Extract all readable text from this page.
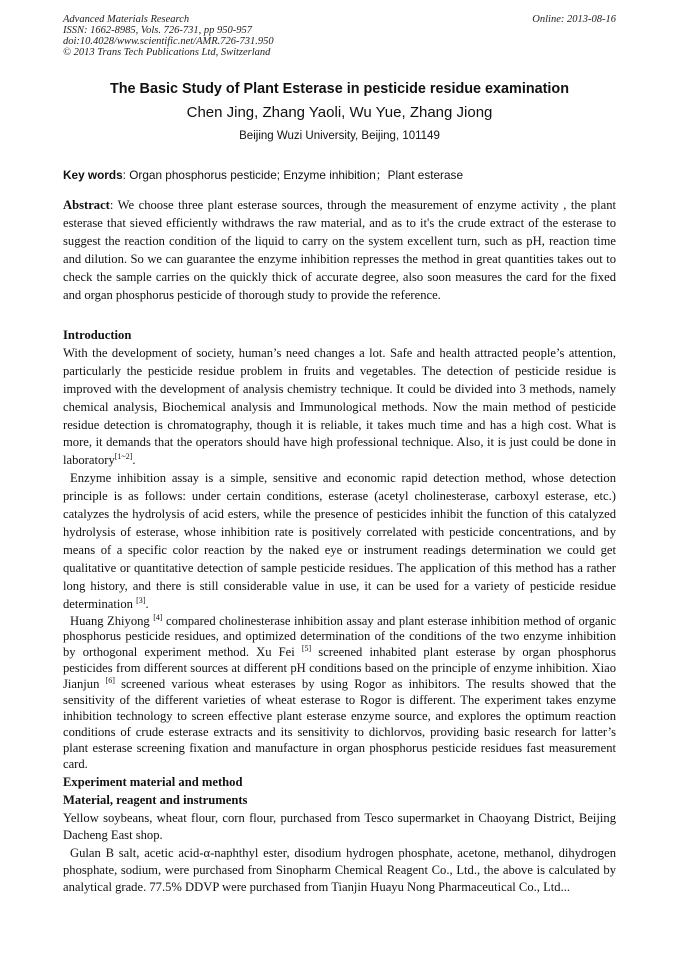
Advanced Materials Research
ISSN: 1662-8985, Vols. 726-731, pp 950-957
doi:10.4028/www.scientific.net/AMR.726-731.950
© 2013 Trans Tech Publications Ltd, Switzerland
Online: 2013-08-16
The Basic Study of Plant Esterase in pesticide residue examination
Chen Jing, Zhang Yaoli, Wu Yue, Zhang Jiong
Beijing Wuzi University, Beijing, 101149
Key words: Organ phosphorus pesticide; Enzyme inhibition；Plant esterase

Abstract: We choose three plant esterase sources, through the measurement of enzyme activity , the plant esterase that sieved efficiently withdraws the raw material, and as to it's the crude extract of the esterase to suggest the reaction condition of the liquid to carry on the system excellent turn, such as pH, reaction time and dilution. So we can guarantee the enzyme inhibition represses the method in great quantities takes out to check the sample carries on the quickly thick of accurate degree, also soon measures the card for the fixed and organ phosphorus pesticide of thorough study to provide the reference.

Introduction

With the development of society, human’s need changes a lot. Safe and health attracted people’s attention, particularly the pesticide residue problem in fruits and vegetables. The detection of pesticide residue is improved with the development of analysis chemistry technique. It could be divided into 3 methods, namely chemical analysis, Biochemical analysis and Immunological methods. Now the main method of pesticide residue detection is chromatography, though it is reliable, it takes much time and has a high cost. What is more, it demands that the operators should have high professional technique. Also, it is just could be done in laboratory[1~2].

Enzyme inhibition assay is a simple, sensitive and economic rapid detection method, whose detection principle is as follows: under certain conditions, esterase (acetyl cholinesterase, carboxyl esterase, etc.) catalyzes the hydrolysis of acid esters, while the presence of pesticides inhibit the function of this catalyzed hydrolysis of esterase, whose inhibition rate is positively correlated with pesticide concentrations, and by means of a specific color reaction by the naked eye or instrument readings determination we could get qualitative or quantitative detection of sample pesticide residues. The application of this method has a rather long history, and there is still considerable value in use, it can be used for a variety of pesticide residue determination [3].

Huang Zhiyong [4] compared cholinesterase inhibition assay and plant esterase inhibition method of organic phosphorus pesticide residues, and optimized determination of the conditions of the two enzyme inhibition by orthogonal experiment method. Xu Fei [5] screened inhabited plant esterase by organ phosphorus pesticides from different sources at different pH conditions based on the principle of enzyme inhibition. Xiao Jianjun [6] screened various wheat esterases by using Rogor as inhibitors. The results showed that the sensitivity of the different varieties of wheat esterase to Rogor is different. The experiment takes enzyme inhibition technology to screen effective plant esterase enzyme source, and explores the optimum reaction conditions of crude esterase extracts and its sensitivity to dichlorvos, providing basic research for latter’s plant esterase screening fixation and manufacture in organ phosphorus pesticide residues fast measurement card.

Experiment material and method

Material, reagent and instruments

Yellow soybeans, wheat flour, corn flour, purchased from Tesco supermarket in Chaoyang District, Beijing Dacheng East shop.

Gulan B salt, acetic acid-α-naphthyl ester, disodium hydrogen phosphate, acetone, methanol, dihydrogen phosphate, sodium, were purchased from Sinopharm Chemical Reagent Co., Ltd., the above is calculated by analytical grade. 77.5% DDVP were purchased from Tianjin Huayu Nong Pharmaceutical Co., Ltd...
